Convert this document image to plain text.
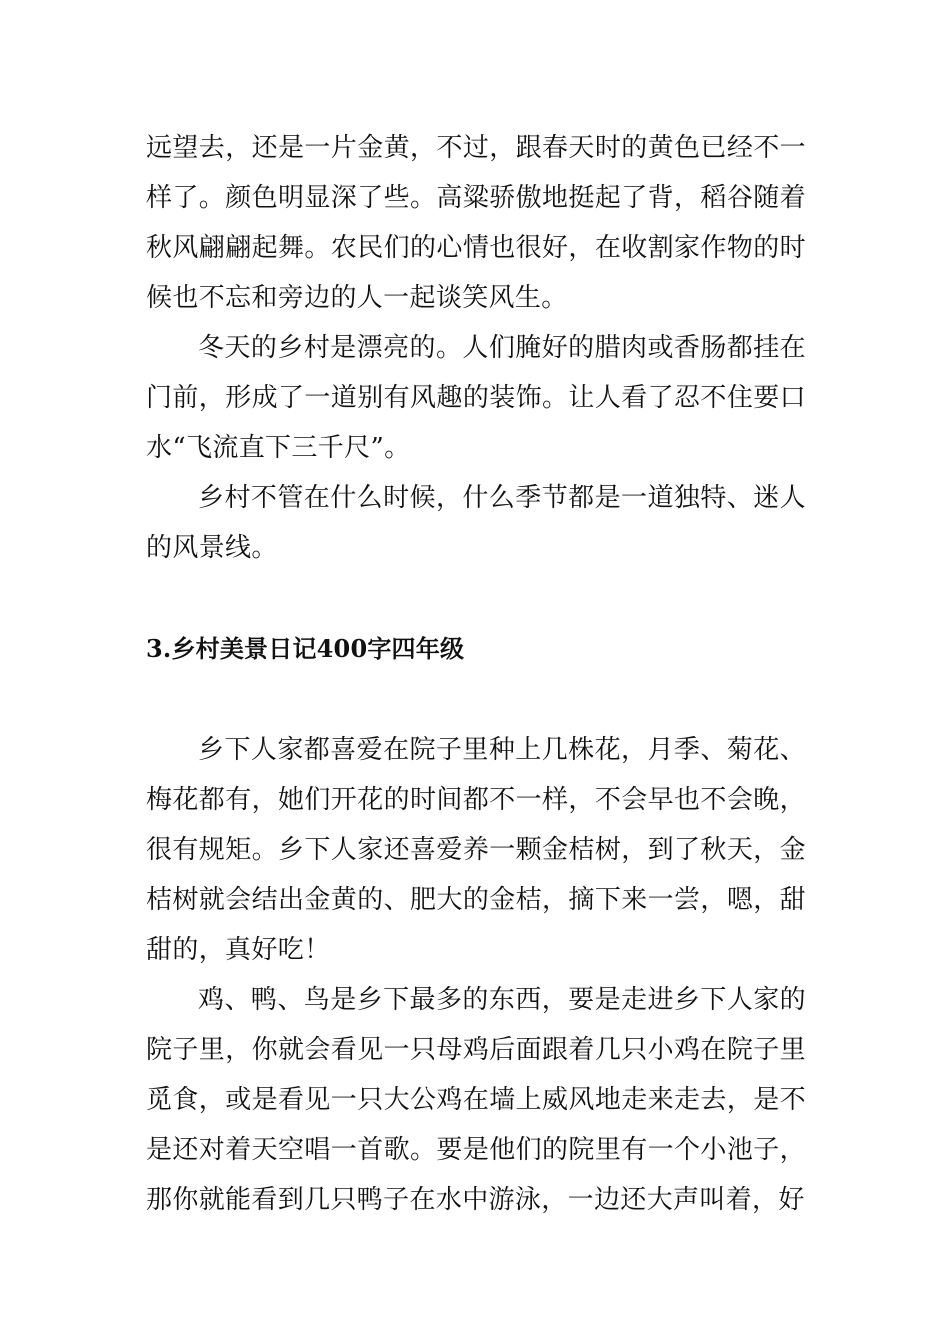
远望去，还是一片金黄，不过，跟春天时的黄色已经不一样了。颜色明显深了些。高粱骄傲地挺起了背，稻谷随着秋风翩翩起舞。农民们的心情也很好，在收割家作物的时候也不忘和旁边的人一起谈笑风生。

冬天的乡村是漂亮的。人们腌好的腊肉或香肠都挂在门前，形成了一道别有风趣的装饰。让人看了忍不住要口水“飞流直下三千尺”。

乡村不管在什么时候，什么季节都是一道独特、迷人的风景线。

3.乡村美景日记400字四年级

乡下人家都喜爱在院子里种上几株花，月季、菊花、梅花都有，她们开花的时间都不一样，不会早也不会晚，很有规矩。乡下人家还喜爱养一颗金桔树，到了秋天，金桔树就会结出金黄的、肥大的金桔，摘下来一尝，嗯，甜甜的，真好吃！

鸡、鸭、鸟是乡下最多的东西，要是走进乡下人家的院子里，你就会看见一只母鸡后面跟着几只小鸡在院子里觅食，或是看见一只大公鸡在墙上威风地走来走去，是不是还对着天空唱一首歌。要是他们的院里有一个小池子，那你就能看到几只鸭子在水中游泳，一边还大声叫着，好
